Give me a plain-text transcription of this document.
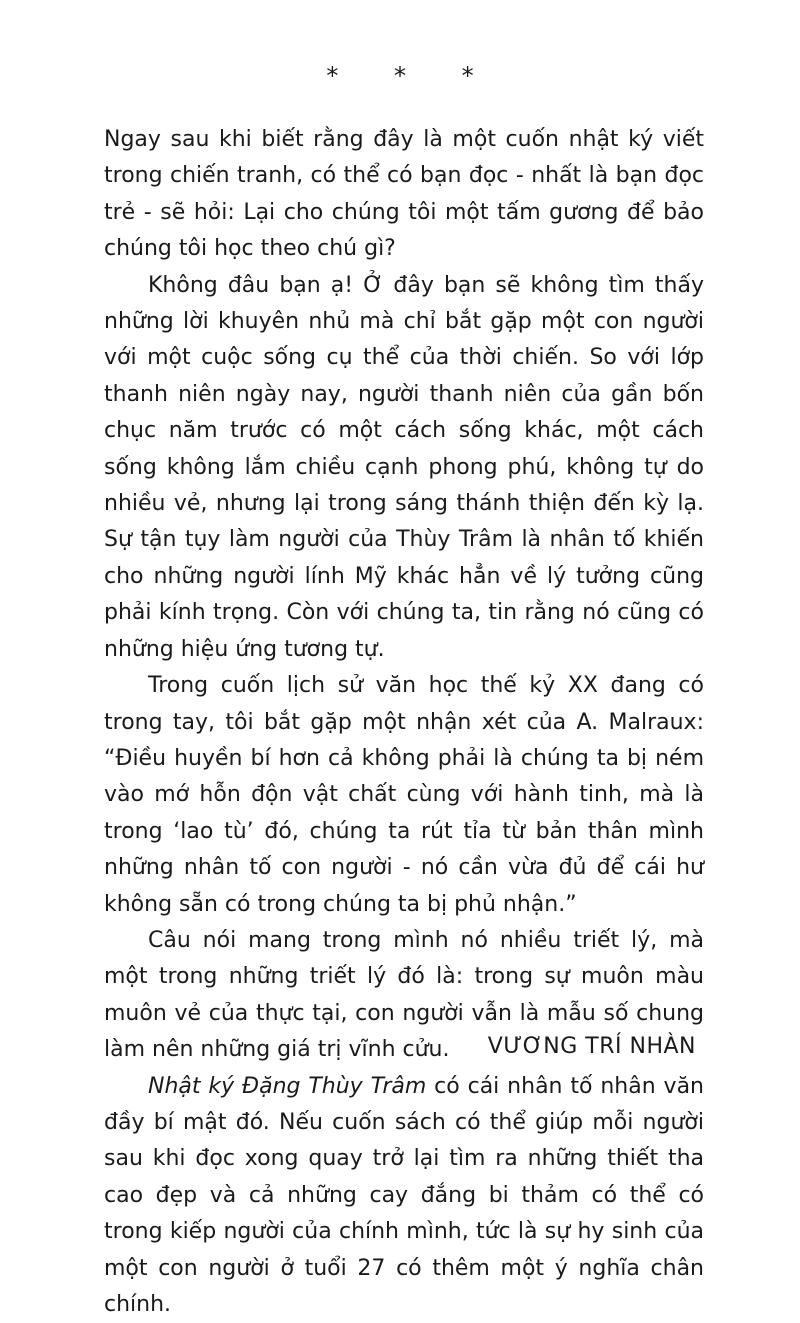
* * *

Ngay sau khi biết rằng đây là một cuốn nhật ký viết trong chiến tranh, có thể có bạn đọc - nhất là bạn đọc trẻ - sẽ hỏi: Lại cho chúng tôi một tấm gương để bảo chúng tôi học theo chú gì?

Không đâu bạn ạ! Ở đây bạn sẽ không tìm thấy những lời khuyên nhủ mà chỉ bắt gặp một con người với một cuộc sống cụ thể của thời chiến. So với lớp thanh niên ngày nay, người thanh niên của gần bốn chục năm trước có một cách sống khác, một cách sống không lắm chiều cạnh phong phú, không tự do nhiều vẻ, nhưng lại trong sáng thánh thiện đến kỳ lạ. Sự tận tụy làm người của Thùy Trâm là nhân tố khiến cho những người lính Mỹ khác hẳn về lý tưởng cũng phải kính trọng. Còn với chúng ta, tin rằng nó cũng có những hiệu ứng tương tự.

Trong cuốn lịch sử văn học thế kỷ XX đang có trong tay, tôi bắt gặp một nhận xét của A. Malraux: “Điều huyền bí hơn cả không phải là chúng ta bị ném vào mớ hỗn độn vật chất cùng với hành tinh, mà là trong ‘lao tù’ đó, chúng ta rút tỉa từ bản thân mình những nhân tố con người - nó cần vừa đủ để cái hư không sẵn có trong chúng ta bị phủ nhận.”

Câu nói mang trong mình nó nhiều triết lý, mà một trong những triết lý đó là: trong sự muôn màu muôn vẻ của thực tại, con người vẫn là mẫu số chung làm nên những giá trị vĩnh cửu.

Nhật ký Đặng Thùy Trâm có cái nhân tố nhân văn đầy bí mật đó. Nếu cuốn sách có thể giúp mỗi người sau khi đọc xong quay trở lại tìm ra những thiết tha cao đẹp và cả những cay đắng bi thảm có thể có trong kiếp người của chính mình, tức là sự hy sinh của một con người ở tuổi 27 có thêm một ý nghĩa chân chính.

VƯƠNG TRÍ NHÀN
